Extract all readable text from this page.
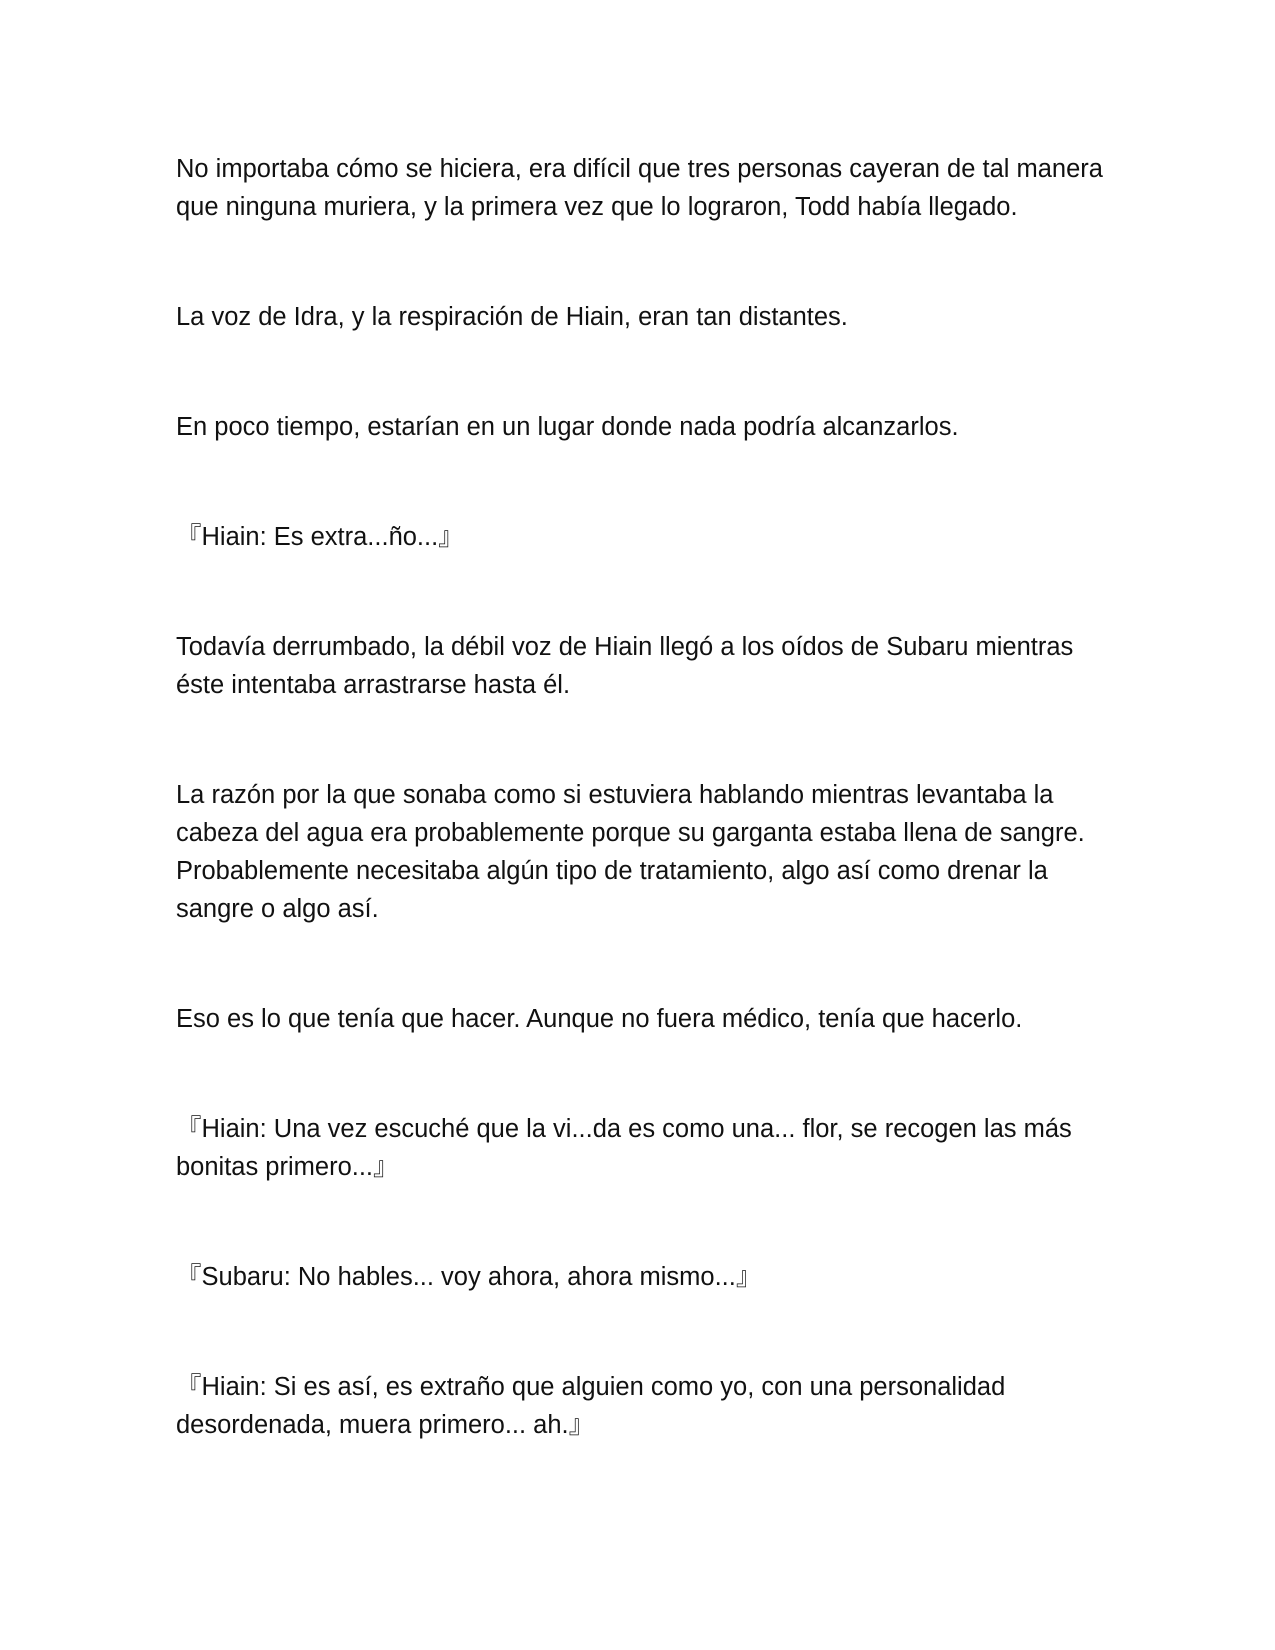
No importaba cómo se hiciera, era difícil que tres personas cayeran de tal manera que ninguna muriera, y la primera vez que lo lograron, Todd había llegado.

La voz de Idra, y la respiración de Hiain, eran tan distantes.

En poco tiempo, estarían en un lugar donde nada podría alcanzarlos.

『Hiain: Es extra...ño...』

Todavía derrumbado, la débil voz de Hiain llegó a los oídos de Subaru mientras éste intentaba arrastrarse hasta él.

La razón por la que sonaba como si estuviera hablando mientras levantaba la cabeza del agua era probablemente porque su garganta estaba llena de sangre. Probablemente necesitaba algún tipo de tratamiento, algo así como drenar la sangre o algo así.

Eso es lo que tenía que hacer. Aunque no fuera médico, tenía que hacerlo.

『Hiain: Una vez escuché que la vi...da es como una... flor, se recogen las más bonitas primero...』

『Subaru: No hables... voy ahora, ahora mismo...』

『Hiain: Si es así, es extraño que alguien como yo, con una personalidad desordenada, muera primero... ah.』
